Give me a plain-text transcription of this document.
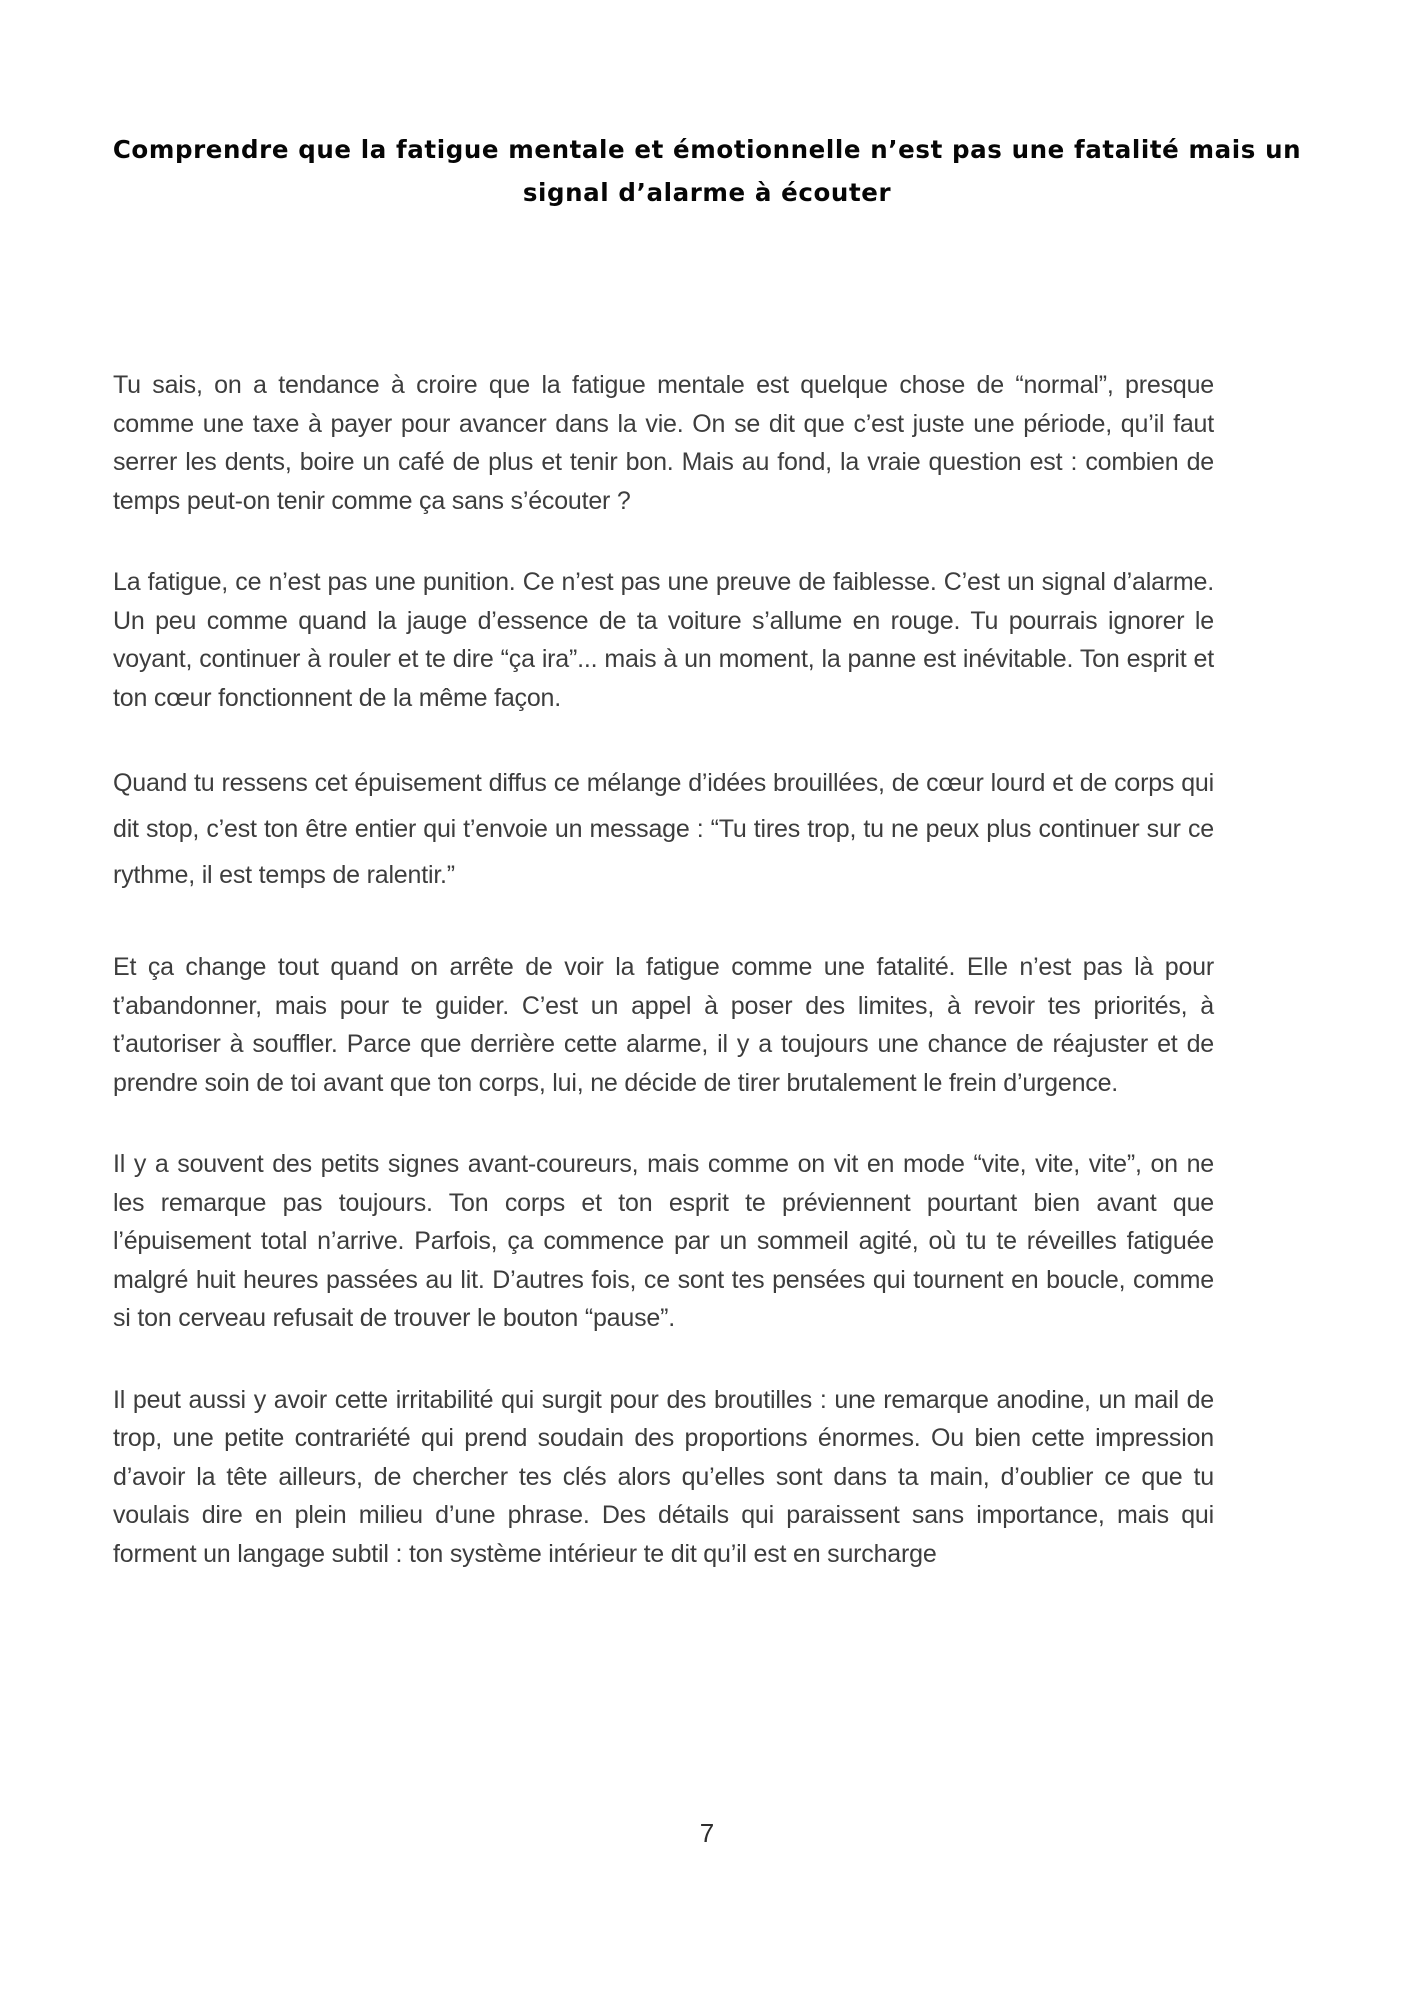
Comprendre que la fatigue mentale et émotionnelle n’est pas une fatalité mais un signal d’alarme à écouter

Tu sais, on a tendance à croire que la fatigue mentale est quelque chose de “normal”, presque comme une taxe à payer pour avancer dans la vie. On se dit que c’est juste une période, qu’il faut serrer les dents, boire un café de plus et tenir bon. Mais au fond, la vraie question est : combien de temps peut-on tenir comme ça sans s’écouter ?

La fatigue, ce n’est pas une punition. Ce n’est pas une preuve de faiblesse. C’est un signal d’alarme. Un peu comme quand la jauge d’essence de ta voiture s’allume en rouge. Tu pourrais ignorer le voyant, continuer à rouler et te dire “ça ira”... mais à un moment, la panne est inévitable. Ton esprit et ton cœur fonctionnent de la même façon.

Quand tu ressens cet épuisement diffus ce mélange d’idées brouillées, de cœur lourd et de corps qui dit stop, c’est ton être entier qui t’envoie un message : “Tu tires trop, tu ne peux plus continuer sur ce rythme, il est temps de ralentir.”

Et ça change tout quand on arrête de voir la fatigue comme une fatalité. Elle n’est pas là pour t’abandonner, mais pour te guider. C’est un appel à poser des limites, à revoir tes priorités, à t’autoriser à souffler. Parce que derrière cette alarme, il y a toujours une chance de réajuster et de prendre soin de toi avant que ton corps, lui, ne décide de tirer brutalement le frein d’urgence.

Il y a souvent des petits signes avant-coureurs, mais comme on vit en mode “vite, vite, vite”, on ne les remarque pas toujours. Ton corps et ton esprit te préviennent pourtant bien avant que l’épuisement total n’arrive. Parfois, ça commence par un sommeil agité, où tu te réveilles fatiguée malgré huit heures passées au lit. D’autres fois, ce sont tes pensées qui tournent en boucle, comme si ton cerveau refusait de trouver le bouton “pause”.

Il peut aussi y avoir cette irritabilité qui surgit pour des broutilles : une remarque anodine, un mail de trop, une petite contrariété qui prend soudain des proportions énormes. Ou bien cette impression d’avoir la tête ailleurs, de chercher tes clés alors qu’elles sont dans ta main, d’oublier ce que tu voulais dire en plein milieu d’une phrase. Des détails qui paraissent sans importance, mais qui forment un langage subtil : ton système intérieur te dit qu’il est en surcharge

7
